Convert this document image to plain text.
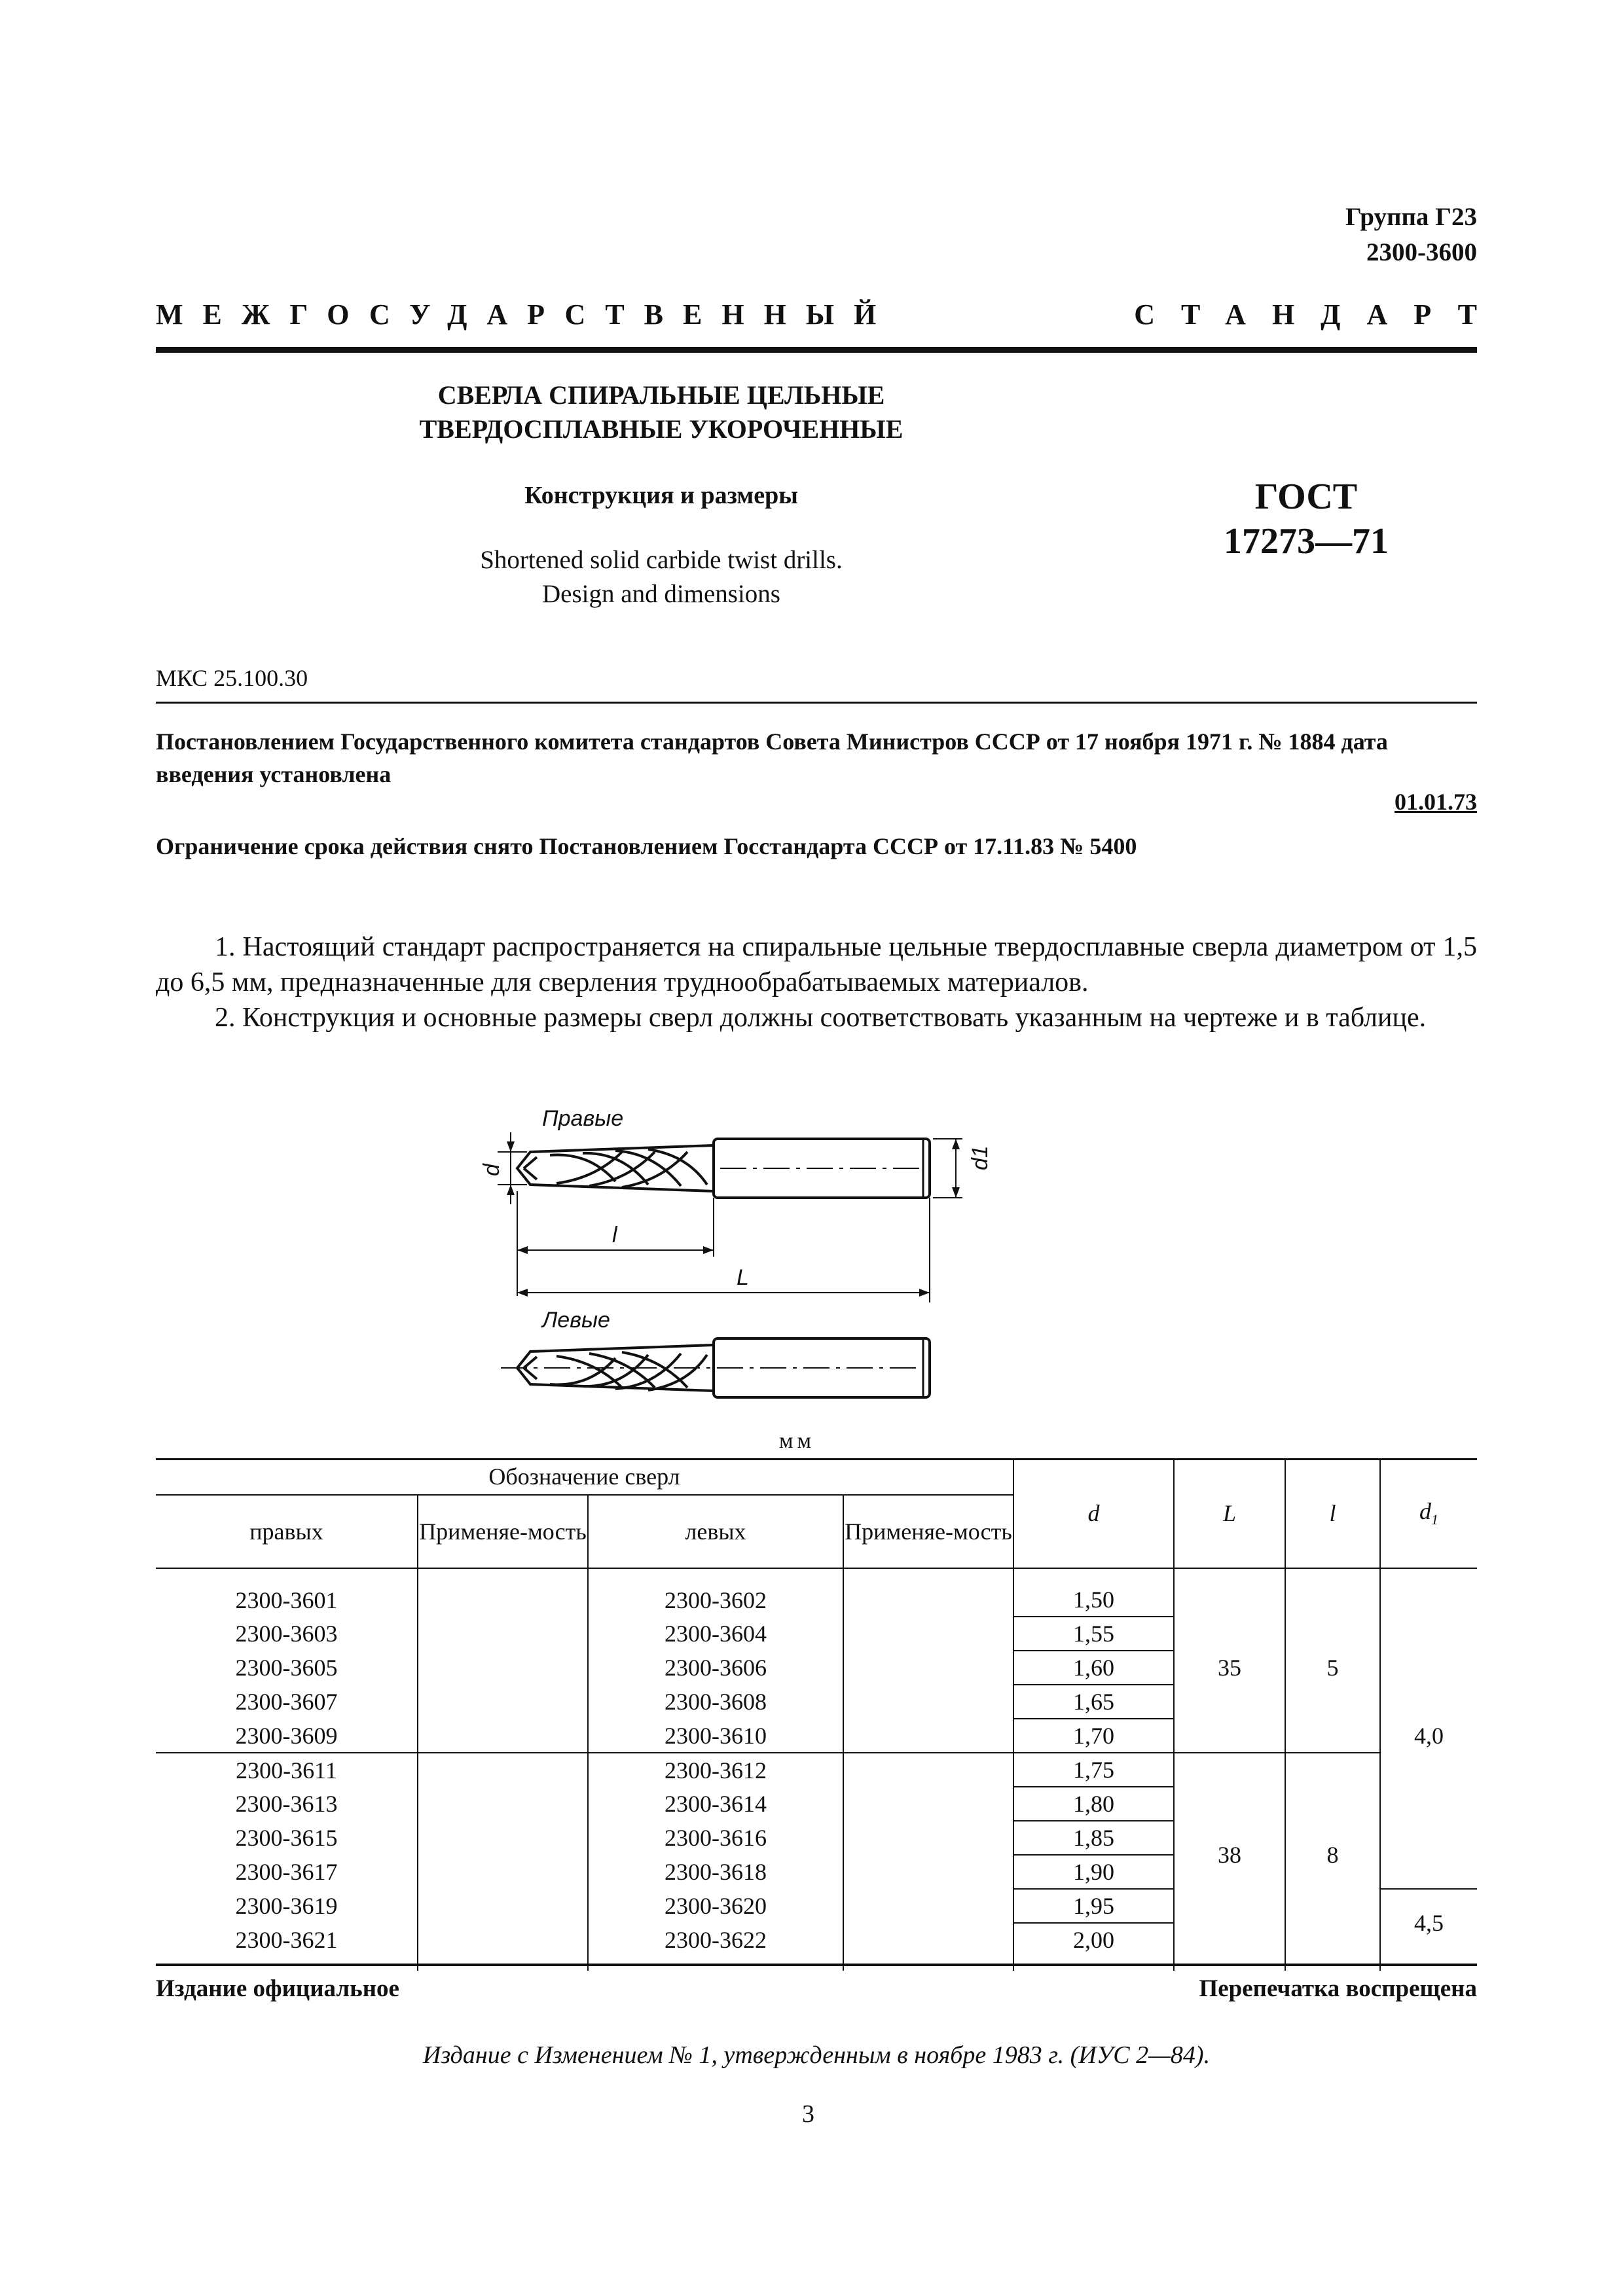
Группа Г23
2300-3600
МЕЖГОСУДАРСТВЕННЫЙ	СТАНДАРТ
СВЕРЛА СПИРАЛЬНЫЕ ЦЕЛЬНЫЕ
ТВЕРДОСПЛАВНЫЕ УКОРОЧЕННЫЕ
Конструкция и размеры
Shortened solid carbide twist drills.
Design and dimensions
ГОСТ
17273—71
МКС 25.100.30
Постановлением Государственного комитета стандартов Совета Министров СССР от 17 ноября 1971 г. № 1884 дата введения установлена
01.01.73
Ограничение срока действия снято Постановлением Госстандарта СССР от 17.11.83 № 5400
1. Настоящий стандарт распространяется на спиральные цельные твердосплавные сверла диаметром от 1,5 до 6,5 мм, предназначенные для сверления труднообрабатываемых материалов.
2. Конструкция и основные размеры сверл должны соответствовать указанным на чертеже и в таблице.
Правые
d	d1
l
L
Левые
мм
Обозначение сверл				d	L	l	$d_1$
правых	Применяе-мость	левых	Применяе-мость				

2300-3601		2300-3602		1,50	35	5	4,0
2300-3603		2300-3604		1,55			
2300-3605		2300-3606		1,60			
2300-3607		2300-3608		1,65			
2300-3609		2300-3610		1,70			
2300-3611		2300-3612		1,75	38	8	
2300-3613		2300-3614		1,80			
2300-3615		2300-3616		1,85			
2300-3617		2300-3618		1,90			
2300-3619		2300-3620		1,95			4,5
2300-3621		2300-3622		2,00			

Издание официальное	Перепечатка воспрещена
Издание с Изменением № 1, утвержденным в ноябре 1983 г. (ИУС 2—84).
3
